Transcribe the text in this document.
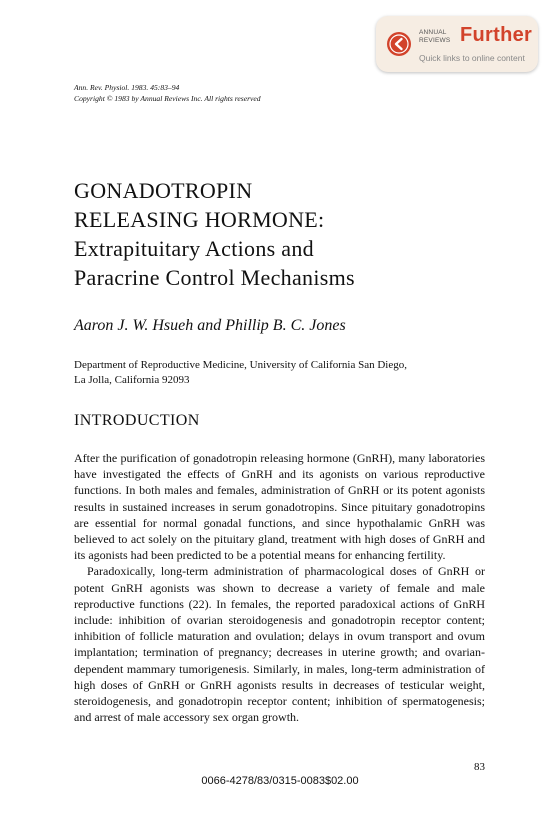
ANNUAL
REVIEWS Further
Quick links to online content
Ann. Rev. Physiol. 1983. 45:83–94
Copyright © 1983 by Annual Reviews Inc. All rights reserved
GONADOTROPIN
RELEASING HORMONE:
Extrapituitary Actions and
Paracrine Control Mechanisms
Aaron J. W. Hsueh and Phillip B. C. Jones
Department of Reproductive Medicine, University of California San Diego,
La Jolla, California 92093
INTRODUCTION

After the purification of gonadotropin releasing hormone (GnRH), many laboratories have investigated the effects of GnRH and its agonists on various reproductive functions. In both males and females, administration of GnRH or its potent agonists results in sustained increases in serum gonadotropins. Since pituitary gonadotropins are essential for normal gonadal functions, and since hypothalamic GnRH was believed to act solely on the pituitary gland, treatment with high doses of GnRH and its agonists had been predicted to be a potential means for enhancing fertility.

Paradoxically, long-term administration of pharmacological doses of GnRH or potent GnRH agonists was shown to decrease a variety of female and male reproductive functions (22). In females, the reported paradoxical actions of GnRH include: inhibition of ovarian steroidogenesis and gonadotropin receptor content; inhibition of follicle maturation and ovulation; delays in ovum transport and ovum implantation; termination of pregnancy; decreases in uterine growth; and ovarian-dependent mammary tumorigenesis. Similarly, in males, long-term administration of high doses of GnRH or GnRH agonists results in decreases of testicular weight, steroidogenesis, and gonadotropin receptor content; inhibition of spermatogenesis; and arrest of male accessory sex organ growth.

83
0066-4278/83/0315-0083$02.00
